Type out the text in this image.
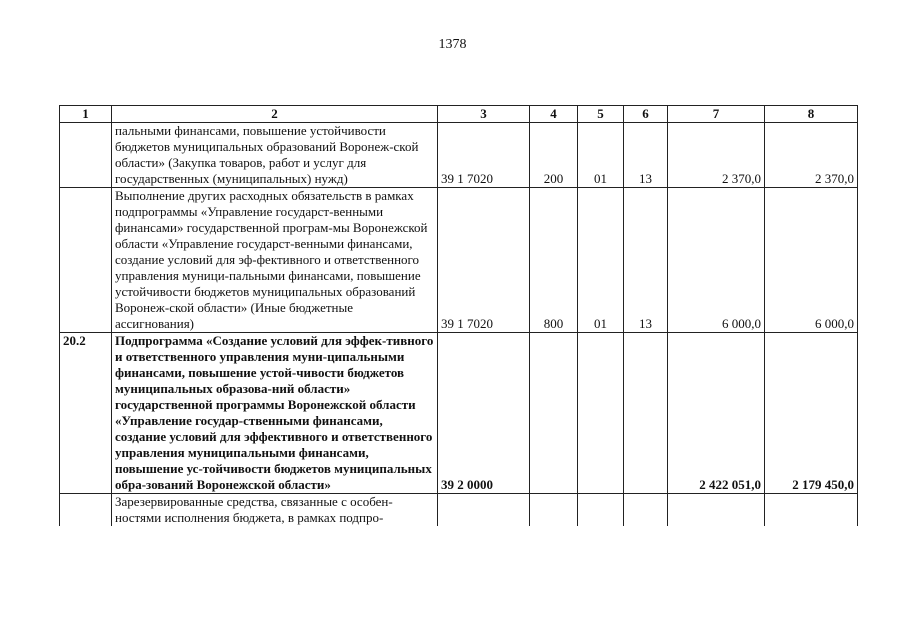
1378
1	2	3	4	5	6	7	8
	пальными финансами, повышение устойчивости бюджетов муниципальных образований Воронеж-ской области» (Закупка товаров, работ и услуг для государственных (муниципальных) нужд)	39 1 7020	200	01	13	2 370,0	2 370,0
	Выполнение других расходных обязательств в рамках подпрограммы «Управление государст-венными финансами» государственной програм-мы Воронежской области «Управление государст-венными финансами, создание условий для эф-фективного и ответственного управления муници-пальными финансами, повышение устойчивости бюджетов муниципальных образований Воронеж-ской области» (Иные бюджетные ассигнования)	39 1 7020	800	01	13	6 000,0	6 000,0
20.2	Подпрограмма «Создание условий для эффек-тивного и ответственного управления муни-ципальными финансами, повышение устой-чивости бюджетов муниципальных образова-ний области» государственной программы Воронежской области «Управление государ-ственными финансами, создание условий для эффективного и ответственного управления муниципальными финансами, повышение ус-тойчивости бюджетов муниципальных обра-зований Воронежской области»	39 2 0000				2 422 051,0	2 179 450,0
	Зарезервированные средства, связанные с особен-ностями исполнения бюджета, в рамках подпро-						
